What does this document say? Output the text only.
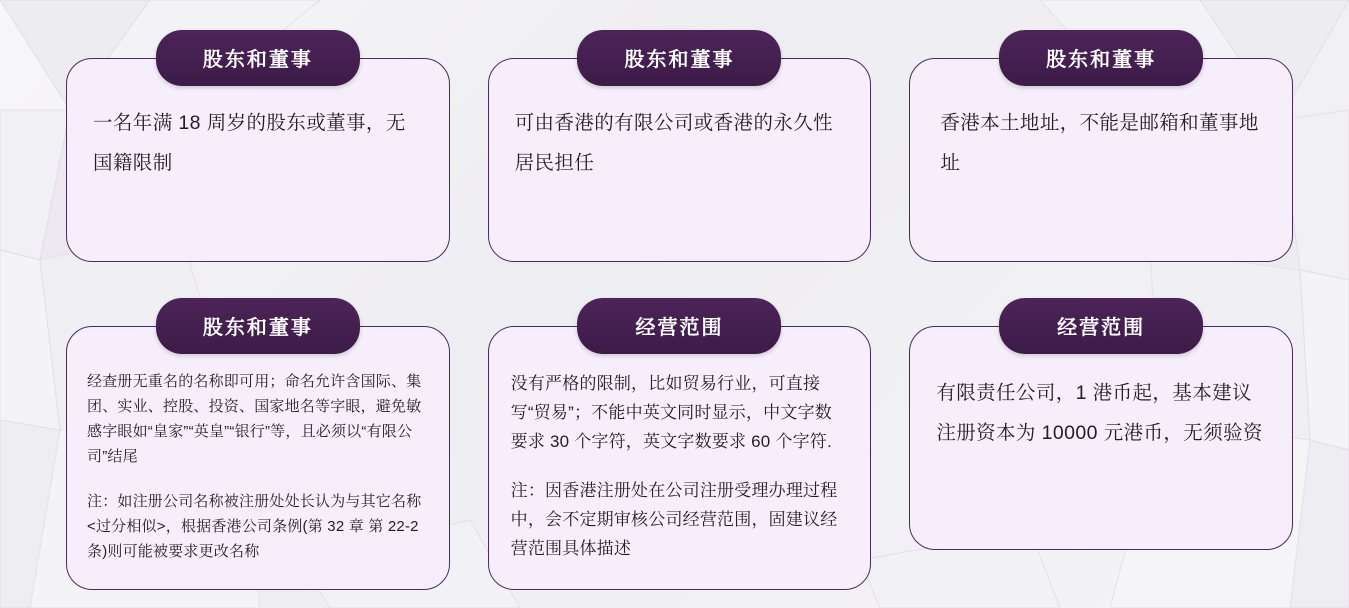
一名年满 18 周岁的股东或董事，无国籍限制
股东和董事
可由香港的有限公司或香港的永久性居民担任
股东和董事
香港本土地址，不能是邮箱和董事地址
股东和董事
经查册无重名的名称即可用；命名允许含国际、集团、实业、控股、投资、国家地名等字眼，避免敏感字眼如“皇家”“英皇”“银行”等，且必须以“有限公司”结尾
注：如注册公司名称被注册处处长认为与其它名称<过分相似>，根据香港公司条例(第 32 章 第 22-2 条)则可能被要求更改名称
股东和董事
没有严格的限制，比如贸易行业，可直接写“贸易”；不能中英文同时显示，中文字数要求 30 个字符，英文字数要求 60 个字符.
注：因香港注册处在公司注册受理办理过程 中，会不定期审核公司经营范围，固建议经营范围具体描述
经营范围
有限责任公司，1 港币起，基本建议注册资本为 10000 元港币，无须验资
经营范围
